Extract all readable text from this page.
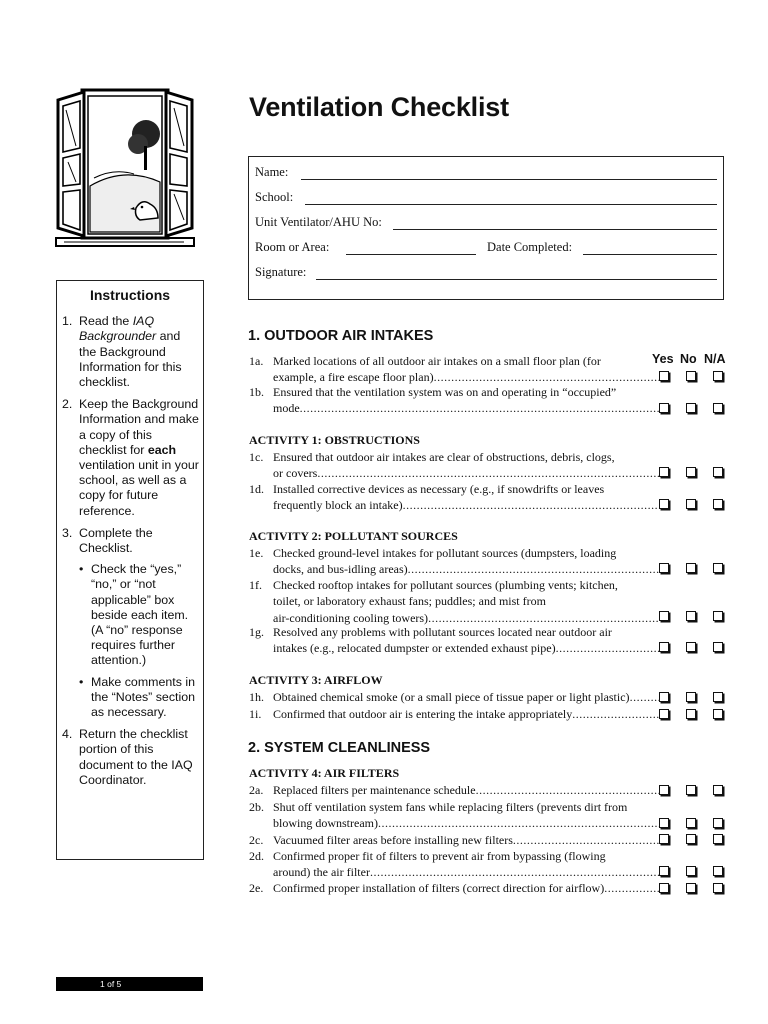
Ventilation Checklist
Name:
School:
Unit Ventilator/AHU No:
Room or Area:	Date Completed:
Signature:
Instructions
1. Read the IAQ Backgrounder and the Background Information for this checklist.
2. Keep the Background Information and make a copy of this checklist for each ventilation unit in your school, as well as a copy for future reference.
3. Complete the Checklist.
• Check the “yes,” “no,” or “not applicable” box beside each item. (A “no” response requires further attention.)
• Make comments in the “Notes” section as necessary.
4. Return the checklist portion of this document to the IAQ Coordinator.
1. OUTDOOR AIR INTAKES
Yes No N/A
1a. Marked locations of all outdoor air intakes on a small floor plan (for
example, a fire escape floor plan)
.....
1b. Ensured that the ventilation system was on and operating in “occupied”
mode
.....
ACTIVITY 1: OBSTRUCTIONS
1c. Ensured that outdoor air intakes are clear of obstructions, debris, clogs,
or covers
.....
1d. Installed corrective devices as necessary (e.g., if snowdrifts or leaves
frequently block an intake)
.....
ACTIVITY 2: POLLUTANT SOURCES
1e. Checked ground-level intakes for pollutant sources (dumpsters, loading
docks, and bus-idling areas)
.....
1f. Checked rooftop intakes for pollutant sources (plumbing vents; kitchen,
toilet, or laboratory exhaust fans; puddles; and mist from
air-conditioning cooling towers)
.....
1g. Resolved any problems with pollutant sources located near outdoor air
intakes (e.g., relocated dumpster or extended exhaust pipe)
.....
ACTIVITY 3: AIRFLOW
1h. Obtained chemical smoke (or a small piece of tissue paper or light plastic)
.....
1i. Confirmed that outdoor air is entering the intake appropriately
.....
2. SYSTEM CLEANLINESS
ACTIVITY 4: AIR FILTERS
2a. Replaced filters per maintenance schedule
.....
2b. Shut off ventilation system fans while replacing filters (prevents dirt from
blowing downstream)
.....
2c. Vacuumed filter areas before installing new filters
.....
2d. Confirmed proper fit of filters to prevent air from bypassing (flowing
around) the air filter
.....
2e. Confirmed proper installation of filters (correct direction for airflow)
.....
1 of 5
